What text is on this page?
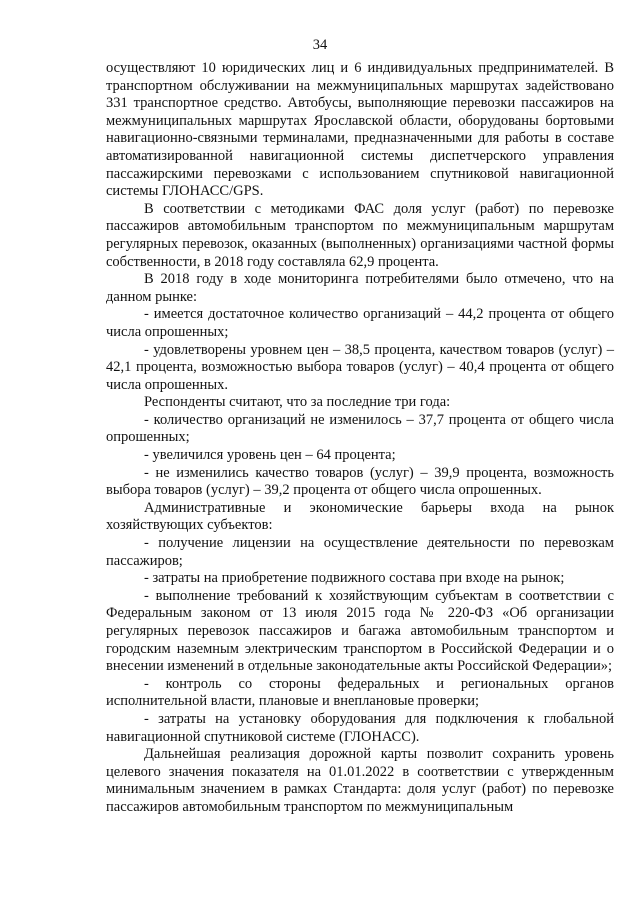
34

осуществляют 10 юридических лиц и 6 индивидуальных предпринимателей. В транспортном обслуживании на межмуниципальных маршрутах задействовано 331 транспортное средство. Автобусы, выполняющие перевозки пассажиров на межмуниципальных маршрутах Ярославской области, оборудованы бортовыми навигационно-связными терминалами, предназначенными для работы в составе автоматизированной навигационной системы диспетчерского управления пассажирскими перевозками с использованием спутниковой навигационной системы ГЛОНАСС/GPS.

В соответствии с методиками ФАС доля услуг (работ) по перевозке пассажиров автомобильным транспортом по межмуниципальным маршрутам регулярных перевозок, оказанных (выполненных) организациями частной формы собственности, в 2018 году составляла 62,9 процента.

В 2018 году в ходе мониторинга потребителями было отмечено, что на данном рынке:

- имеется достаточное количество организаций – 44,2 процента от общего числа опрошенных;

- удовлетворены уровнем цен – 38,5 процента, качеством товаров (услуг) – 42,1 процента, возможностью выбора товаров (услуг) – 40,4 процента от общего числа опрошенных.

Респонденты считают, что за последние три года:

- количество организаций не изменилось – 37,7 процента от общего числа опрошенных;

- увеличился уровень цен – 64 процента;

- не изменились качество товаров (услуг) – 39,9 процента, возможность выбора товаров (услуг) – 39,2 процента от общего числа опрошенных.

Административные и экономические барьеры входа на рынок хозяйствующих субъектов:

- получение лицензии на осуществление деятельности по перевозкам пассажиров;

- затраты на приобретение подвижного состава при входе на рынок;

- выполнение требований к хозяйствующим субъектам в соответствии с Федеральным законом от 13 июля 2015 года № 220-ФЗ «Об организации регулярных перевозок пассажиров и багажа автомобильным транспортом и городским наземным электрическим транспортом в Российской Федерации и о внесении изменений в отдельные законодательные акты Российской Федерации»;

- контроль со стороны федеральных и региональных органов исполнительной власти, плановые и внеплановые проверки;

- затраты на установку оборудования для подключения к глобальной навигационной спутниковой системе (ГЛОНАСС).

Дальнейшая реализация дорожной карты позволит сохранить уровень целевого значения показателя на 01.01.2022 в соответствии с утвержденным минимальным значением в рамках Стандарта: доля услуг (работ) по перевозке пассажиров автомобильным транспортом по межмуниципальным
